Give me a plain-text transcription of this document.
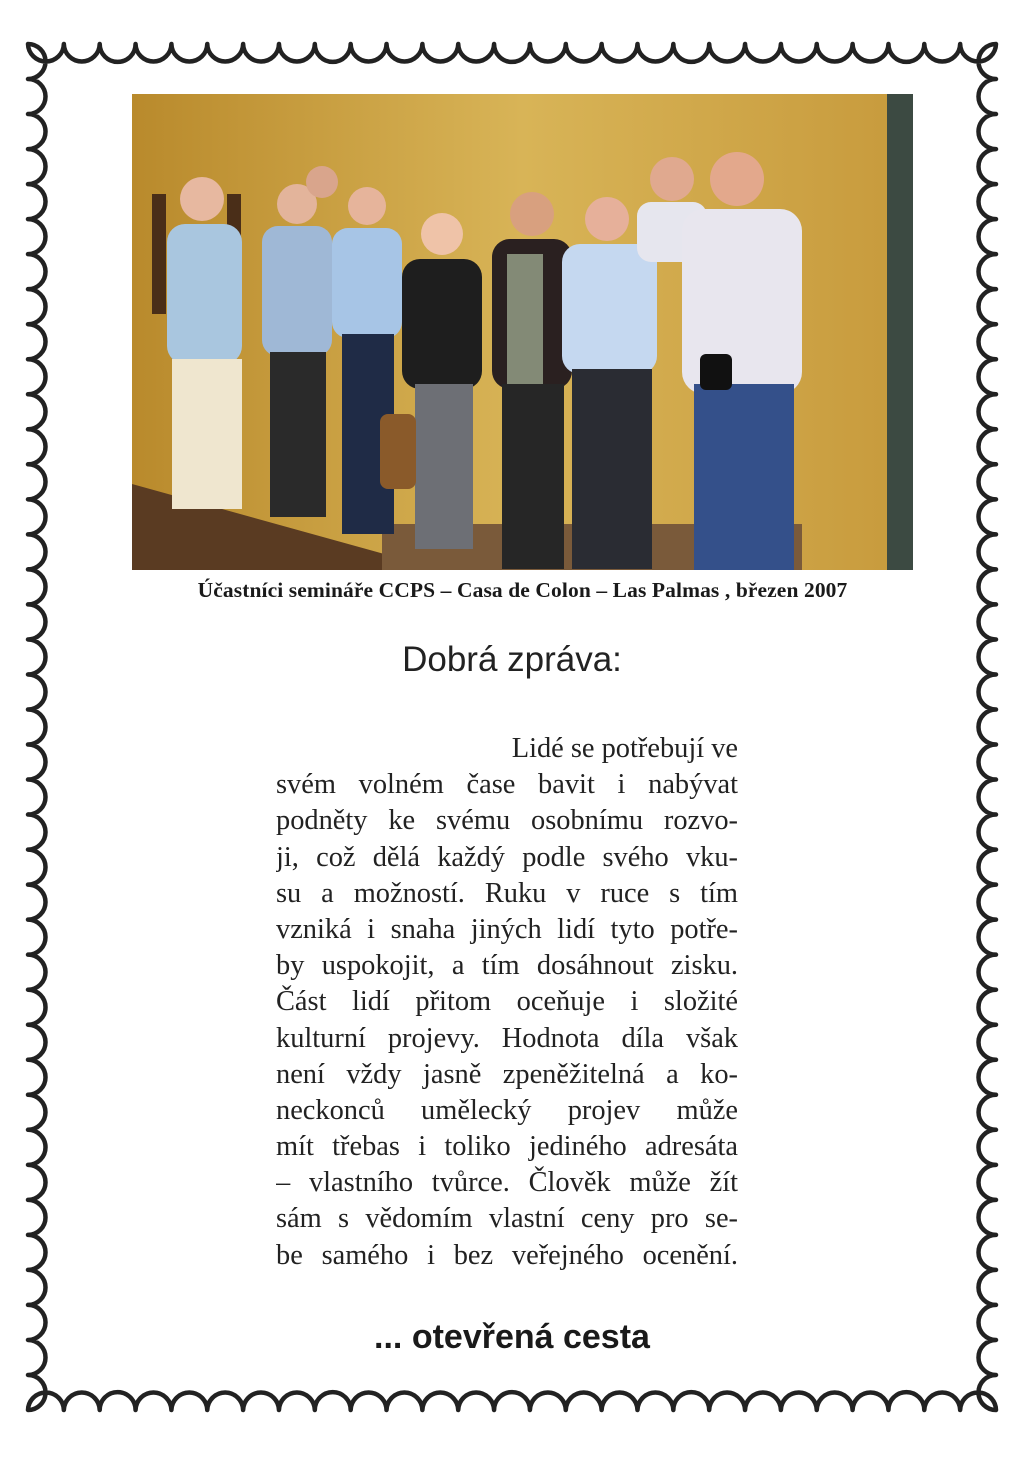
Účastníci semináře CCPS – Casa de Colon – Las Palmas , březen 2007
Dobrá zpráva:
Lidé se potřebují ve
svém volném čase bavit i nabývat
podněty ke svému osobnímu rozvo-
ji, což dělá každý podle svého vku-
su a možností. Ruku v ruce s tím
vzniká i snaha jiných lidí tyto potře-
by uspokojit, a tím dosáhnout zisku.
Část lidí přitom oceňuje i složité
kulturní projevy. Hodnota díla však
není vždy jasně zpeněžitelná a ko-
neckonců umělecký projev může
mít třebas i toliko jediného adresáta
– vlastního tvůrce. Člověk může žít
sám s vědomím vlastní ceny pro se-
be samého i bez veřejného ocenění.
... otevřená cesta
